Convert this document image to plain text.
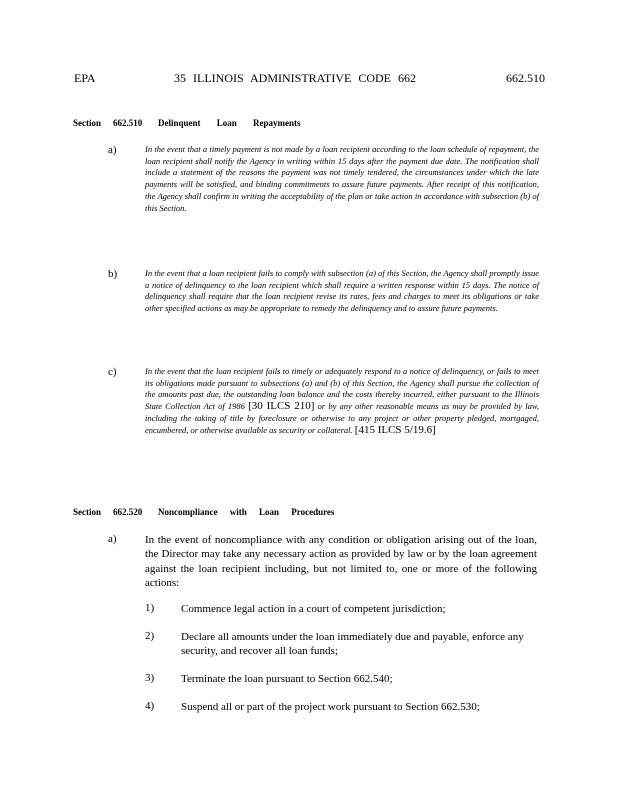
EPA	35 ILLINOIS ADMINISTRATIVE CODE 662	662.510
Section 662.510 Delinquent Loan Repayments
a)	In the event that a timely payment is not made by a loan recipient according to the loan schedule of repayment, the loan recipient shall notify the Agency in writing within 15 days after the payment due date. The notification shall include a statement of the reasons the payment was not timely tendered, the circumstances under which the late payments will be satisfied, and binding commitments to assure future payments. After receipt of this notification, the Agency shall confirm in writing the acceptability of the plan or take action in accordance with subsection (b) of this Section.
b)	In the event that a loan recipient fails to comply with subsection (a) of this Section, the Agency shall promptly issue a notice of delinquency to the loan recipient which shall require a written response within 15 days. The notice of delinquency shall require that the loan recipient revise its rates, fees and charges to meet its obligations or take other specified actions as may be appropriate to remedy the delinquency and to assure future payments.
c)	In the event that the loan recipient fails to timely or adequately respond to a notice of delinquency, or fails to meet its obligations made pursuant to subsections (a) and (b) of this Section, the Agency shall pursue the collection of the amounts past due, the outstanding loan balance and the costs thereby incurred, either pursuant to the Illinois State Collection Act of 1986 [30 ILCS 210] or by any other reasonable means as may be provided by law, including the taking of title by foreclosure or otherwise to any project or other property pledged, mortgaged, encumbered, or otherwise available as security or collateral. [415 ILCS 5/19.6]
Section 662.520 Noncompliance with Loan Procedures
a)	In the event of noncompliance with any condition or obligation arising out of the loan, the Director may take any necessary action as provided by law or by the loan agreement against the loan recipient including, but not limited to, one or more of the following actions:
1) Commence legal action in a court of competent jurisdiction;
2) Declare all amounts under the loan immediately due and payable, enforce any security, and recover all loan funds;
3) Terminate the loan pursuant to Section 662.540;
4) Suspend all or part of the project work pursuant to Section 662.530;
